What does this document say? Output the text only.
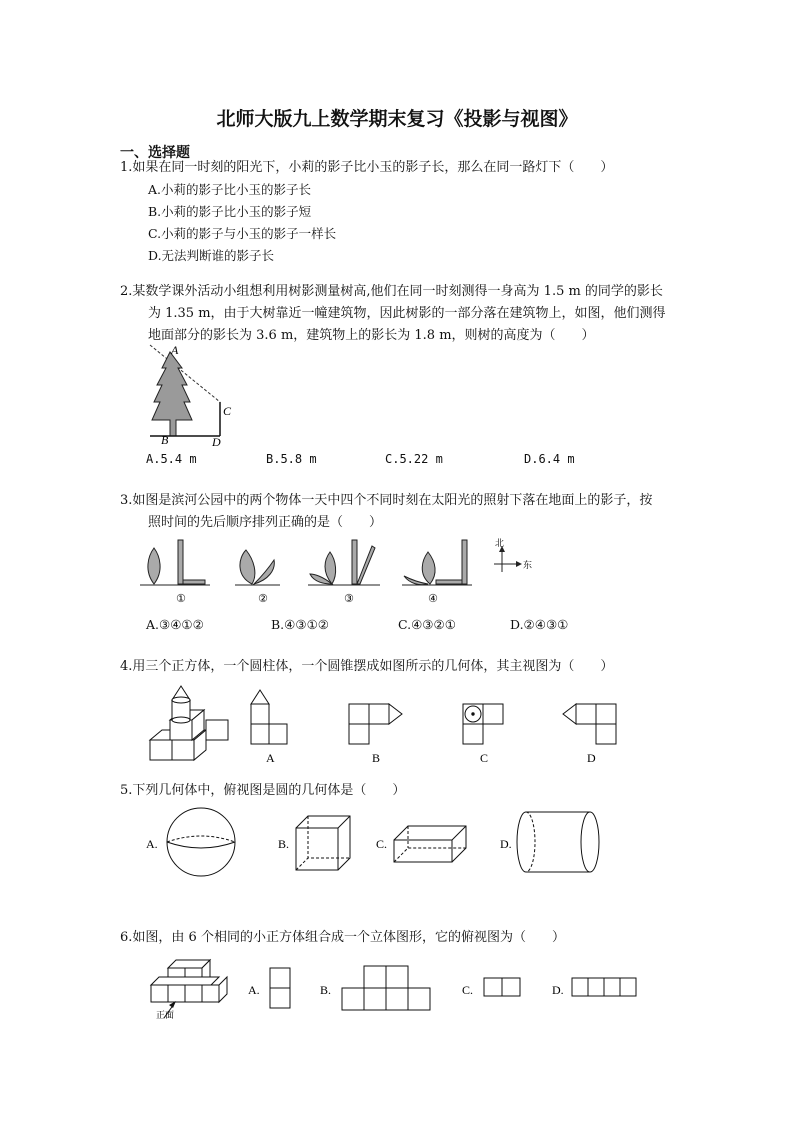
北师大版九上数学期末复习《投影与视图》
一、选择题
1.如果在同一时刻的阳光下，小莉的影子比小玉的影子长，那么在同一路灯下（　　）
A.小莉的影子比小玉的影子长
B.小莉的影子比小玉的影子短
C.小莉的影子与小玉的影子一样长
D.无法判断谁的影子长
2.某数学课外活动小组想利用树影测量树高,他们在同一时刻测得一身高为 1.5 m 的同学的影长
为 1.35 m，由于大树靠近一幢建筑物，因此树影的一部分落在建筑物上，如图，他们测得
地面部分的影长为 3.6 m，建筑物上的影长为 1.8 m，则树的高度为（　　）
A
B
C
D
A.5.4 m	B.5.8 m	C.5.22 m	D.6.4 m
3.如图是滨河公园中的两个物体一天中四个不同时刻在太阳光的照射下落在地面上的影子，按
照时间的先后顺序排列正确的是（　　）
①	②	③	④
北
东
A.③④①②	B.④③①②	C.④③②①	D.②④③①
4.用三个正方体，一个圆柱体，一个圆锥摆成如图所示的几何体，其主视图为（　　）
A	B	C	D
5.下列几何体中，俯视图是圆的几何体是（　　）
A.	B.	C.	D.
6.如图，由 6 个相同的小正方体组合成一个立体图形，它的俯视图为（　　）
正面
A.	B.	C.	D.
